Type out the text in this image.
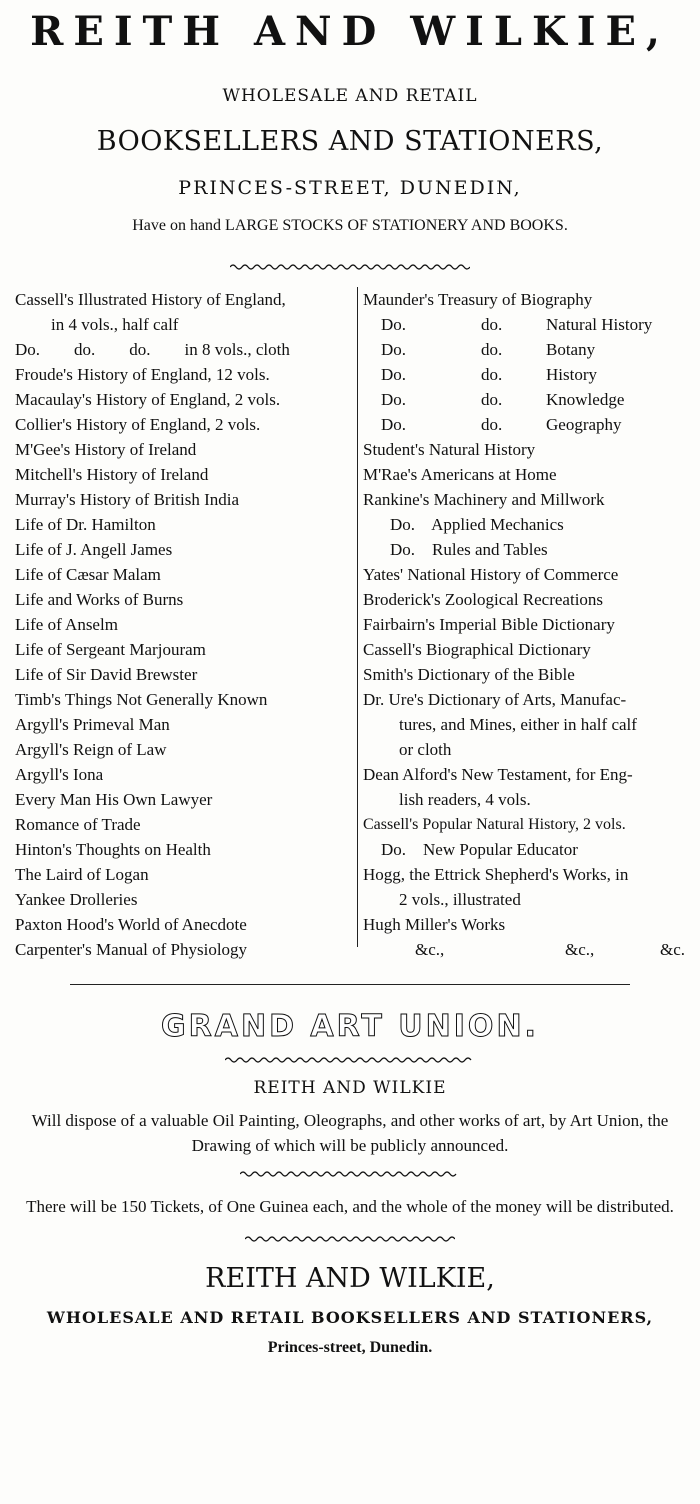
REITH AND WILKIE,
WHOLESALE AND RETAIL
BOOKSELLERS AND STATIONERS,
PRINCES-STREET, DUNEDIN,
Have on hand LARGE STOCKS OF STATIONERY AND BOOKS.
Cassell's Illustrated History of England,
in 4 vols., half calf
Do.        do.        do.        in 8 vols., cloth
Froude's History of England, 12 vols.
Macaulay's History of England, 2 vols.
Collier's History of England, 2 vols.
M'Gee's History of Ireland
Mitchell's History of Ireland
Murray's History of British India
Life of Dr. Hamilton
Life of J. Angell James
Life of Cæsar Malam
Life and Works of Burns
Life of Anselm
Life of Sergeant Marjouram
Life of Sir David Brewster
Timb's Things Not Generally Known
Argyll's Primeval Man
Argyll's Reign of Law
Argyll's Iona
Every Man His Own Lawyer
Romance of Trade
Hinton's Thoughts on Health
The Laird of Logan
Yankee Drolleries
Paxton Hood's World of Anecdote
Carpenter's Manual of Physiology
Maunder's Treasury of Biography
Do.	do.	Natural History
Do.	do.	Botany
Do.	do.	History
Do.	do.	Knowledge
Do.	do.	Geography
Student's Natural History
M'Rae's Americans at Home
Rankine's Machinery and Millwork
Do.    Applied Mechanics
Do.    Rules and Tables
Yates' National History of Commerce
Broderick's Zoological Recreations
Fairbairn's Imperial Bible Dictionary
Cassell's Biographical Dictionary
Smith's Dictionary of the Bible
Dr. Ure's Dictionary of Arts, Manufac-
tures, and Mines, either in half calf
or cloth
Dean Alford's New Testament, for Eng-
lish readers, 4 vols.
Cassell's Popular Natural History, 2 vols.
Do.    New Popular Educator
Hogg, the Ettrick Shepherd's Works, in
2 vols., illustrated
Hugh Miller's Works
&c.,	&c.,	&c.
GRAND ART UNION.
REITH AND WILKIE
Will dispose of a valuable Oil Painting, Oleographs, and other works of art, by Art Union, the Drawing of which will be publicly announced.
There will be 150 Tickets, of One Guinea each, and the whole of the money will be distributed.
REITH AND WILKIE,
WHOLESALE AND RETAIL BOOKSELLERS AND STATIONERS,
Princes-street, Dunedin.
